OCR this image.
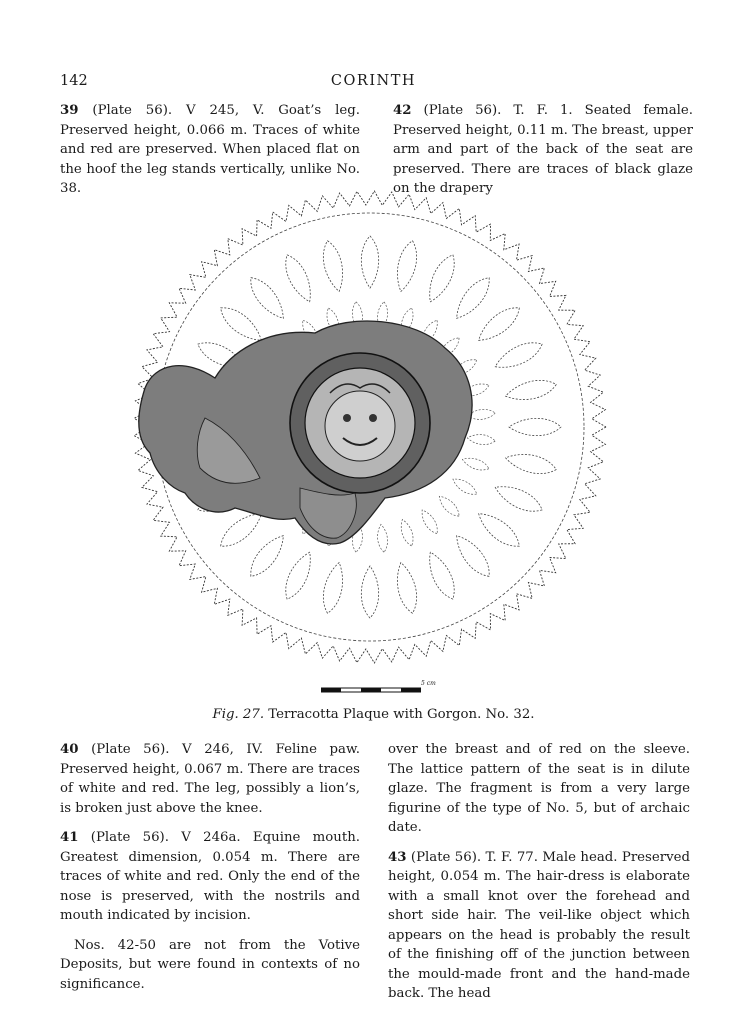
142	CORINTH

39 (Plate 56). V 245, V. Goat’s leg. Preserved height, 0.066 m. Traces of white and red are preserved. When placed flat on the hoof the leg stands vertically, unlike No. 38.

42 (Plate 56). T. F. 1. Seated female. Preserved height, 0.11 m. The breast, upper arm and part of the back of the seat are preserved. There are traces of black glaze on the drapery

5 cm
Fig. 27. Terracotta Plaque with Gorgon. No. 32.

40 (Plate 56). V 246, IV. Feline paw. Preserved height, 0.067 m. There are traces of white and red. The leg, possibly a lion’s, is broken just above the knee.

41 (Plate 56). V 246a. Equine mouth. Greatest dimension, 0.054 m. There are traces of white and red. Only the end of the nose is preserved, with the nostrils and mouth indicated by incision.

Nos. 42-50 are not from the Votive Deposits, but were found in contexts of no significance.

over the breast and of red on the sleeve. The lattice pattern of the seat is in dilute glaze. The fragment is from a very large figurine of the type of No. 5, but of archaic date.

43 (Plate 56). T. F. 77. Male head. Preserved height, 0.054 m. The hair-dress is elaborate with a small knot over the forehead and short side hair. The veil-like object which appears on the head is probably the result of the finishing off of the junction between the mould-made front and the hand-made back. The head
